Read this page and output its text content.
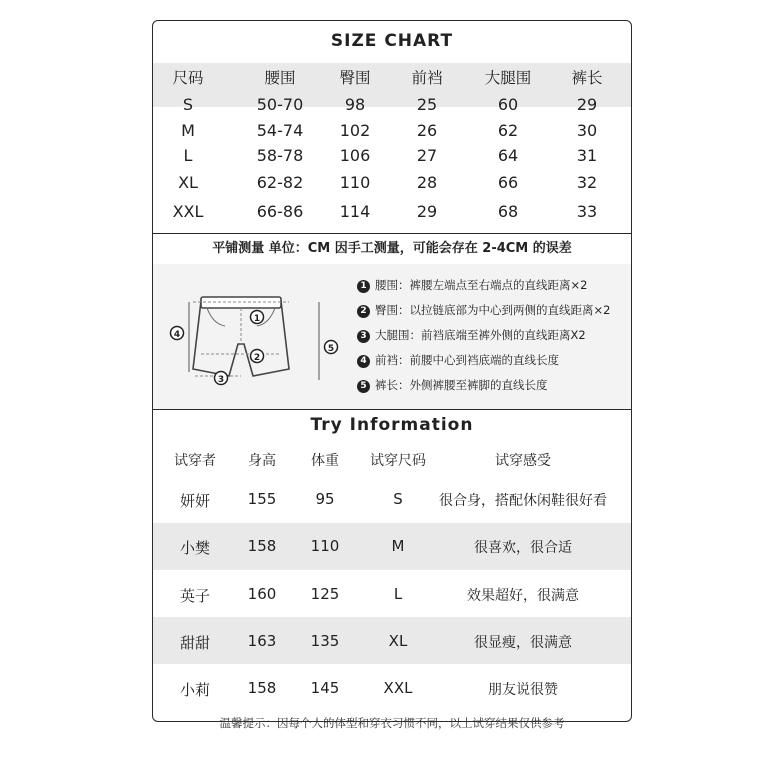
SIZE CHART
尺码	腰围	臀围	前裆	大腿围	裤长
S	50-70	98	25	60	29
M	54-74 102	26	62	30
L	58-78 106	27	64	31
XL	62-82 110	28	66	32
XXL	66-86 114	29	68	33
平铺测量 单位：CM 因手工测量，可能会存在 2-4CM 的误差
1
2
3
4
5
1 腰围：裤腰左端点至右端点的直线距离×2
2 臀围：以拉链底部为中心到两侧的直线距离×2
3 大腿围：前裆底端至裤外侧的直线距离X2
4 前裆：前腰中心到裆底端的直线长度
5 裤长：外侧裤腰至裤脚的直线长度
Try Information
试穿者 身高	体重 试穿尺码	试穿感受
妍妍	155	95	S	很合身，搭配休闲鞋很好看
小樊	158 110	M	很喜欢，很合适
英子	160 125	L	效果超好，很满意
甜甜	163 135	XL	很显瘦，很满意
小莉	158 145	XXL	朋友说很赞
温馨提示：因每个人的体型和穿衣习惯不同，以上试穿结果仅供参考
